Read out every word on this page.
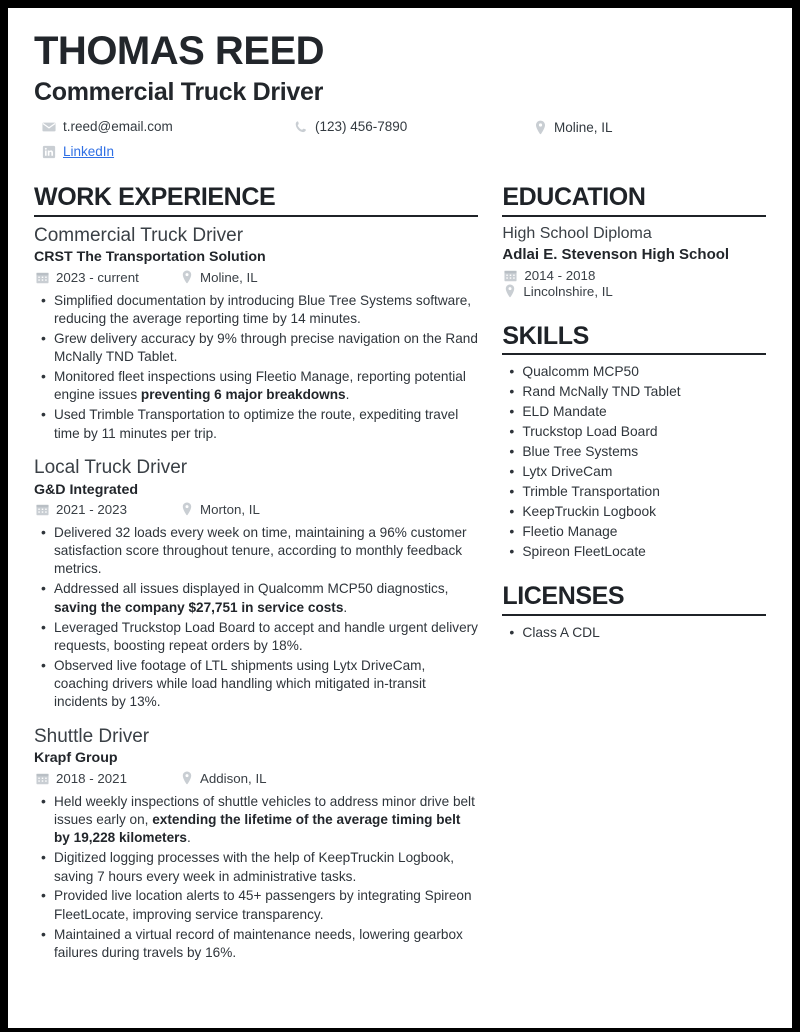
THOMAS REED
Commercial Truck Driver
t.reed@email.com	(123) 456-7890	Moline, IL
LinkedIn
WORK EXPERIENCE
Commercial Truck Driver
CRST The Transportation Solution
2023 - current	Moline, IL
• Simplified documentation by introducing Blue Tree Systems software, reducing the average reporting time by 14 minutes.
• Grew delivery accuracy by 9% through precise navigation on the Rand McNally TND Tablet.
• Monitored fleet inspections using Fleetio Manage, reporting potential engine issues preventing 6 major breakdowns.
• Used Trimble Transportation to optimize the route, expediting travel time by 11 minutes per trip.
Local Truck Driver
G&D Integrated
2021 - 2023	Morton, IL
• Delivered 32 loads every week on time, maintaining a 96% customer satisfaction score throughout tenure, according to monthly feedback metrics.
• Addressed all issues displayed in Qualcomm MCP50 diagnostics, saving the company $27,751 in service costs.
• Leveraged Truckstop Load Board to accept and handle urgent delivery requests, boosting repeat orders by 18%.
• Observed live footage of LTL shipments using Lytx DriveCam, coaching drivers while load handling which mitigated in-transit incidents by 13%.
Shuttle Driver
Krapf Group
2018 - 2021	Addison, IL
• Held weekly inspections of shuttle vehicles to address minor drive belt issues early on, extending the lifetime of the average timing belt by 19,228 kilometers.
• Digitized logging processes with the help of KeepTruckin Logbook, saving 7 hours every week in administrative tasks.
• Provided live location alerts to 45+ passengers by integrating Spireon FleetLocate, improving service transparency.
• Maintained a virtual record of maintenance needs, lowering gearbox failures during travels by 16%.
EDUCATION
High School Diploma
Adlai E. Stevenson High School
2014 - 2018
Lincolnshire, IL
SKILLS
• Qualcomm MCP50
• Rand McNally TND Tablet
• ELD Mandate
• Truckstop Load Board
• Blue Tree Systems
• Lytx DriveCam
• Trimble Transportation
• KeepTruckin Logbook
• Fleetio Manage
• Spireon FleetLocate
LICENSES
• Class A CDL
